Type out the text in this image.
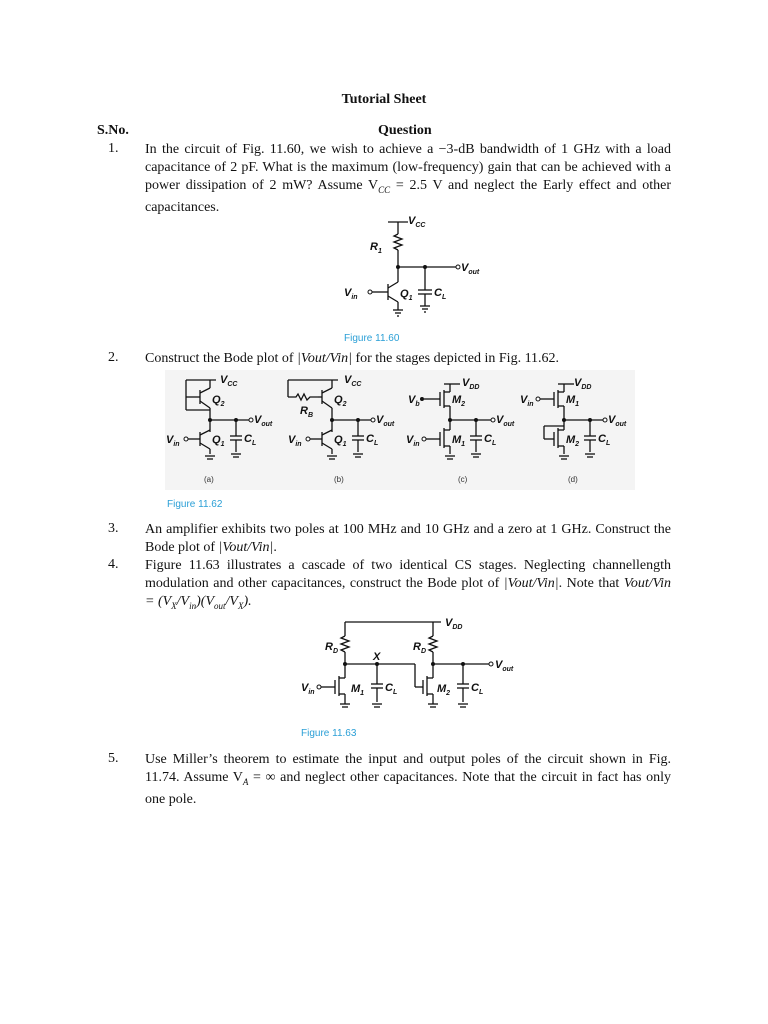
Tutorial Sheet
S.No.	Question
1. In the circuit of Fig. 11.60, we wish to achieve a −3-dB bandwidth of 1 GHz with a load capacitance of 2 pF. What is the maximum (low-frequency) gain that can be achieved with a power dissipation of 2 mW? Assume $V_{CC} = 2.5$ V and neglect the Early effect and other capacitances.
$V_{CC}$
$R_1$
$V_{out}$
$C_L$
$V_{in}$	$Q_1$
Figure 11.60
2. Construct the Bode plot of |Vout/Vin| for the stages depicted in Fig. 11.62.
$V_{CC}$
$Q_2$
$V_{out}$
$C_L$
$V_{in}$	$Q_1$
(a)
$V_{CC}$
$R_B$
$Q_2$
$V_{out}$
$C_L$
$V_{in}$	$Q_1$
(b)
$V_{DD}$
$V_b$	$M_2$
$V_{out}$
$C_L$
$V_{in}$	$M_1$
(c)
$V_{DD}$
$V_{in}$	$M_1$
$V_{out}$
$C_L$
$M_2$
(d)
Figure 11.62
3. An amplifier exhibits two poles at 100 MHz and 10 GHz and a zero at 1 GHz. Construct the Bode plot of |Vout/Vin|.
4. Figure 11.63 illustrates a cascade of two identical CS stages. Neglecting channellength modulation and other capacitances, construct the Bode plot of |Vout/Vin|. Note that Vout/Vin = $(V_X/V_{in})(V_{out}/V_X)$.
$V_{DD}$
$R_D$	$R_D$
X
$C_L$
$V_{in}$	$M_1$	$M_2$
$V_{out}$
$C_L$
Figure 11.63
5. Use Miller’s theorem to estimate the input and output poles of the circuit shown in Fig. 11.74. Assume $V_A$ = ∞ and neglect other capacitances. Note that the circuit in fact has only one pole.
